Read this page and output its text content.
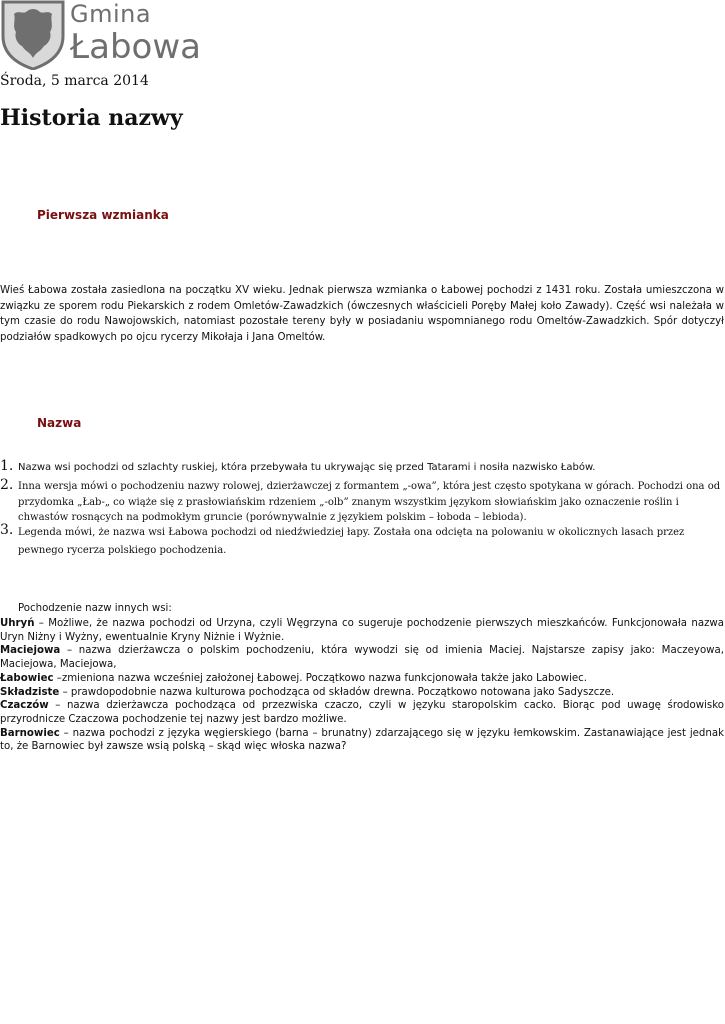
Gmina
Łabowa
Środa, 5 marca 2014
Historia nazwy
Pierwsza wzmianka

Wieś Łabowa została zasiedlona na początku XV wieku. Jednak pierwsza wzmianka o Łabowej pochodzi z 1431 roku. Została umieszczona w związku ze sporem rodu Piekarskich z rodem Omletów-Zawadzkich (ówczesnych właścicieli Poręby Małej koło Zawady). Część wsi należała w tym czasie do rodu Nawojowskich, natomiast pozostałe tereny były w posiadaniu wspomnianego rodu Omeltów-Zawadzkich. Spór dotyczył podziałów spadkowych po ojcu rycerzy Mikołaja i Jana Omeltów.

Nazwa
1. Nazwa wsi pochodzi od szlachty ruskiej, która przebywała tu ukrywając się przed Tatarami i nosiła nazwisko Łabów.
2. Inna wersja mówi o pochodzeniu nazwy rolowej, dzierżawczej z formantem „-owa”, która jest często spotykana w górach. Pochodzi ona od przydomka „Łab-„ co wiąże się z prasłowiańskim rdzeniem „-olb” znanym wszystkim językom słowiańskim jako oznaczenie roślin i chwastów rosnących na podmokłym gruncie (porównywalnie z językiem polskim – łoboda – lebioda).
3. Legenda mówi, że nazwa wsi Łabowa pochodzi od niedźwiedziej łapy. Została ona odcięta na polowaniu w okolicznych lasach przez pewnego rycerza polskiego pochodzenia.
Pochodzenie nazw innych wsi:

Uhryń – Możliwe, że nazwa pochodzi od Urzyna, czyli Węgrzyna co sugeruje pochodzenie pierwszych mieszkańców. Funkcjonowała nazwa Uryn Niżny i Wyżny, ewentualnie Kryny Niżnie i Wyżnie.

Maciejowa – nazwa dzierżawcza o polskim pochodzeniu, która wywodzi się od imienia Maciej. Najstarsze zapisy jako: Maczeyowa, Maciejowa, Maciejowa,

Łabowiec –zmieniona nazwa wcześniej założonej Łabowej. Początkowo nazwa funkcjonowała także jako Labowiec.

Składziste – prawdopodobnie nazwa kulturowa pochodząca od składów drewna. Początkowo notowana jako Sadyszcze.

Czaczów – nazwa dzierżawcza pochodząca od przezwiska czaczo, czyli w języku staropolskim cacko. Biorąc pod uwagę środowisko przyrodnicze Czaczowa pochodzenie tej nazwy jest bardzo możliwe.

Barnowiec – nazwa pochodzi z języka węgierskiego (barna – brunatny) zdarzającego się w języku łemkowskim. Zastanawiające jest jednak to, że Barnowiec był zawsze wsią polską – skąd więc włoska nazwa?
